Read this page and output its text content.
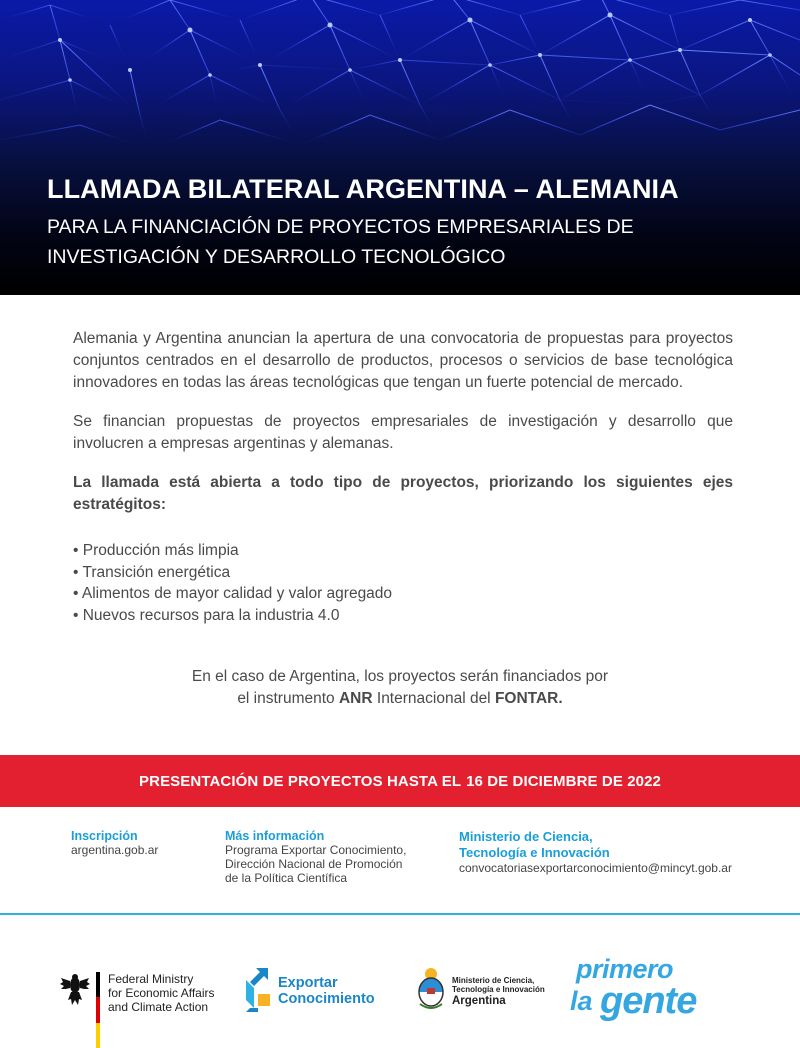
LLAMADA BILATERAL ARGENTINA – ALEMANIA
PARA LA FINANCIACIÓN DE PROYECTOS EMPRESARIALES DE
INVESTIGACIÓN Y DESARROLLO TECNOLÓGICO

Alemania y Argentina anuncian la apertura de una convocatoria de propuestas para proyectos conjuntos centrados en el desarrollo de productos, procesos o servicios de base tecnológica innovadores en todas las áreas tecnológicas que tengan un fuerte potencial de mercado.

Se financian propuestas de proyectos empresariales de investigación y desarrollo que involucren a empresas argentinas y alemanas.

La llamada está abierta a todo tipo de proyectos, priorizando los siguientes ejes estratégitos:

• Producción más limpia
• Transición energética
• Alimentos de mayor calidad y valor agregado
• Nuevos recursos para la industria 4.0
En el caso de Argentina, los proyectos serán financiados por
el instrumento ANR Internacional del FONTAR.
PRESENTACIÓN DE PROYECTOS HASTA EL 16 DE DICIEMBRE DE 2022
Inscripción
argentina.gob.ar
Más información
Programa Exportar Conocimiento,
Dirección Nacional de Promoción
de la Política Científica
Ministerio de Ciencia,
Tecnología e Innovación
convocatoriasexportarconocimiento@mincyt.gob.ar
Federal Ministry
for Economic Affairs
and Climate Action
Exportar
Conocimiento
Ministerio de Ciencia,
Tecnología e Innovación
Argentina
primero
la gente
